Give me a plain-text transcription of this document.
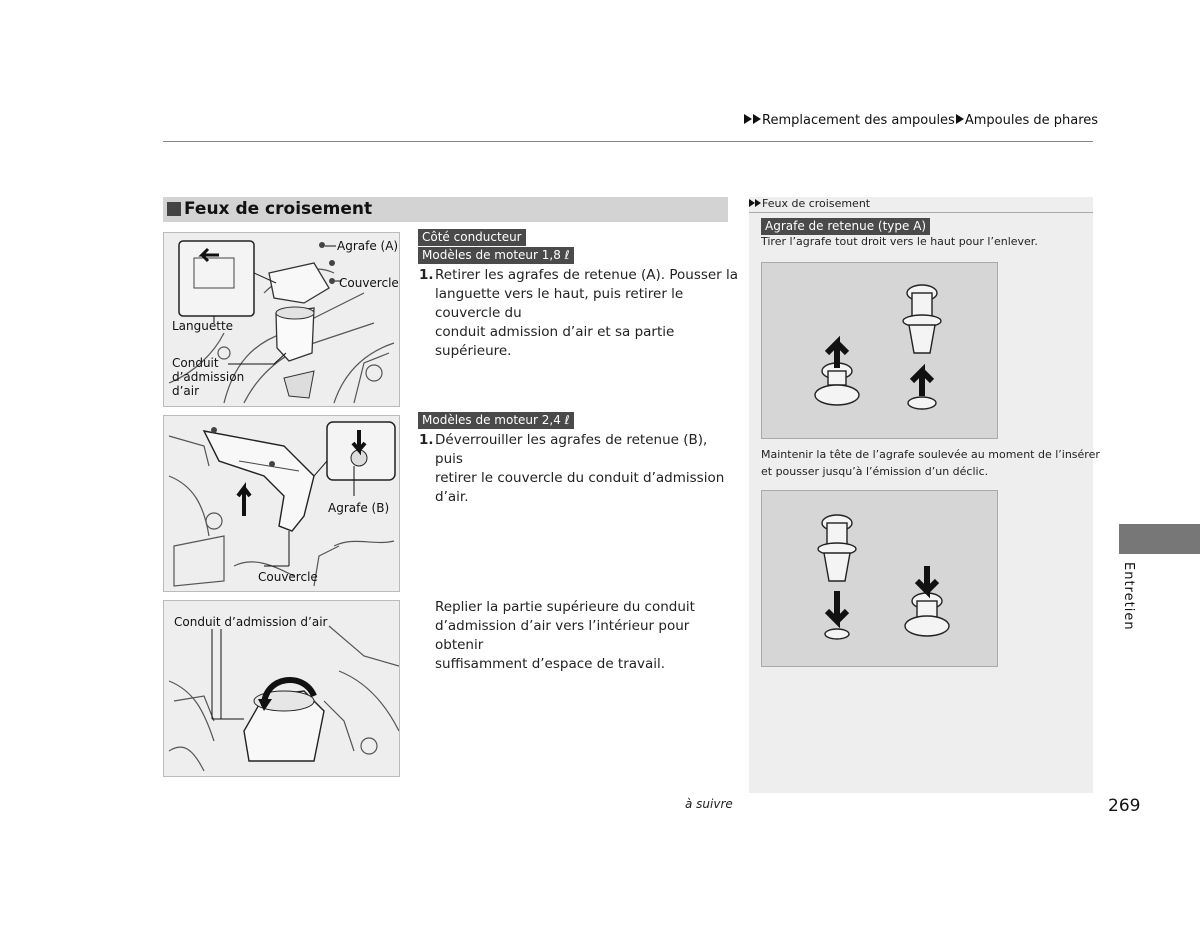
Remplacement des ampoules Ampoules de phares
Feux de croisement
Agrafe (A)
Couvercle
Languette
Conduit
d’admission
d’air
Côté conducteur
Modèles de moteur 1,8 ℓ
1. Retirer les agrafes de retenue (A). Pousser la
languette vers le haut, puis retirer le couvercle du
conduit admission d’air et sa partie supérieure.
Agrafe (B)
Couvercle
Modèles de moteur 2,4 ℓ
1. Déverrouiller les agrafes de retenue (B), puis
retirer le couvercle du conduit d’admission d’air.
Conduit d’admission d’air
Replier la partie supérieure du conduit
d’admission d’air vers l’intérieur pour obtenir
suffisamment d’espace de travail.
Feux de croisement
Agrafe de retenue (type A)
Tirer l’agrafe tout droit vers le haut pour l’enlever.
Maintenir la tête de l’agrafe soulevée au moment de l’insérer
et pousser jusqu’à l’émission d’un déclic.
Entretien
à suivre	269
